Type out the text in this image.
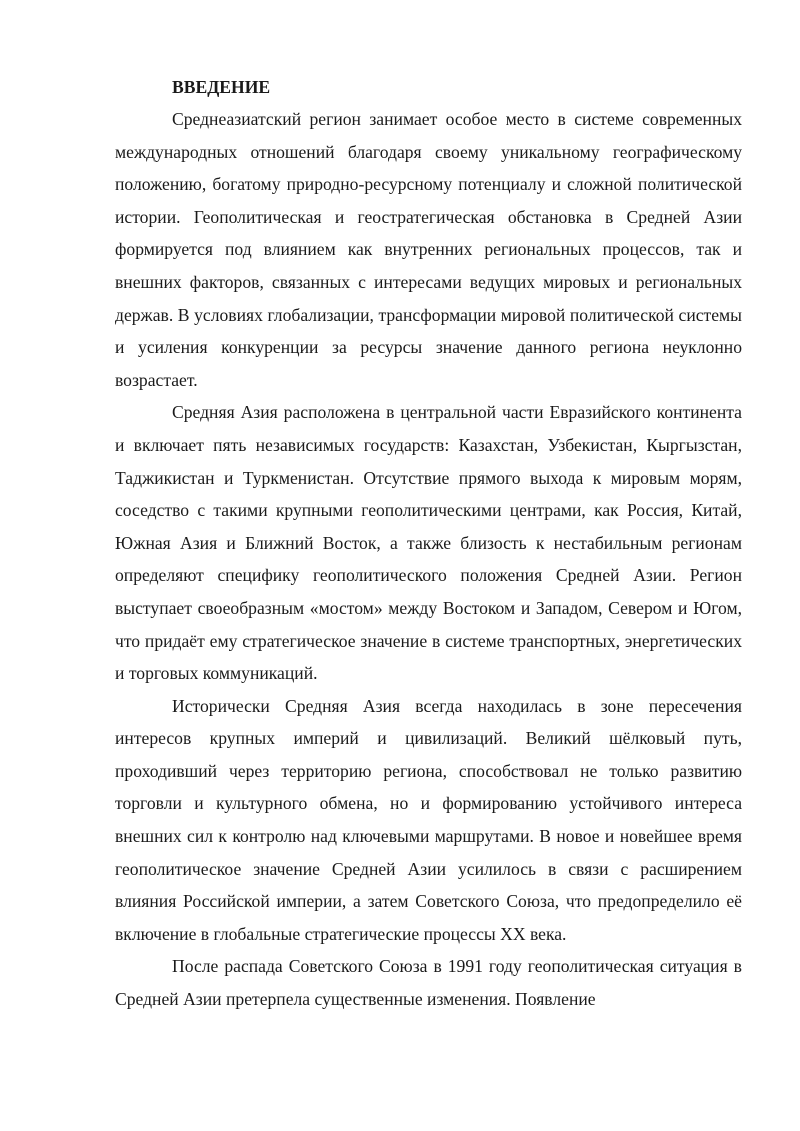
ВВЕДЕНИЕ

Среднеазиатский регион занимает особое место в системе современных международных отношений благодаря своему уникальному географическому положению, богатому природно-ресурсному потенциалу и сложной политической истории. Геополитическая и геостратегическая обстановка в Средней Азии формируется под влиянием как внутренних региональных процессов, так и внешних факторов, связанных с интересами ведущих мировых и региональных держав. В условиях глобализации, трансформации мировой политической системы и усиления конкуренции за ресурсы значение данного региона неуклонно возрастает.

Средняя Азия расположена в центральной части Евразийского континента и включает пять независимых государств: Казахстан, Узбекистан, Кыргызстан, Таджикистан и Туркменистан. Отсутствие прямого выхода к мировым морям, соседство с такими крупными геополитическими центрами, как Россия, Китай, Южная Азия и Ближний Восток, а также близость к нестабильным регионам определяют специфику геополитического положения Средней Азии. Регион выступает своеобразным «мостом» между Востоком и Западом, Севером и Югом, что придаёт ему стратегическое значение в системе транспортных, энергетических и торговых коммуникаций.

Исторически Средняя Азия всегда находилась в зоне пересечения интересов крупных империй и цивилизаций. Великий шёлковый путь, проходивший через территорию региона, способствовал не только развитию торговли и культурного обмена, но и формированию устойчивого интереса внешних сил к контролю над ключевыми маршрутами. В новое и новейшее время геополитическое значение Средней Азии усилилось в связи с расширением влияния Российской империи, а затем Советского Союза, что предопределило её включение в глобальные стратегические процессы XX века.

После распада Советского Союза в 1991 году геополитическая ситуация в Средней Азии претерпела существенные изменения. Появление
